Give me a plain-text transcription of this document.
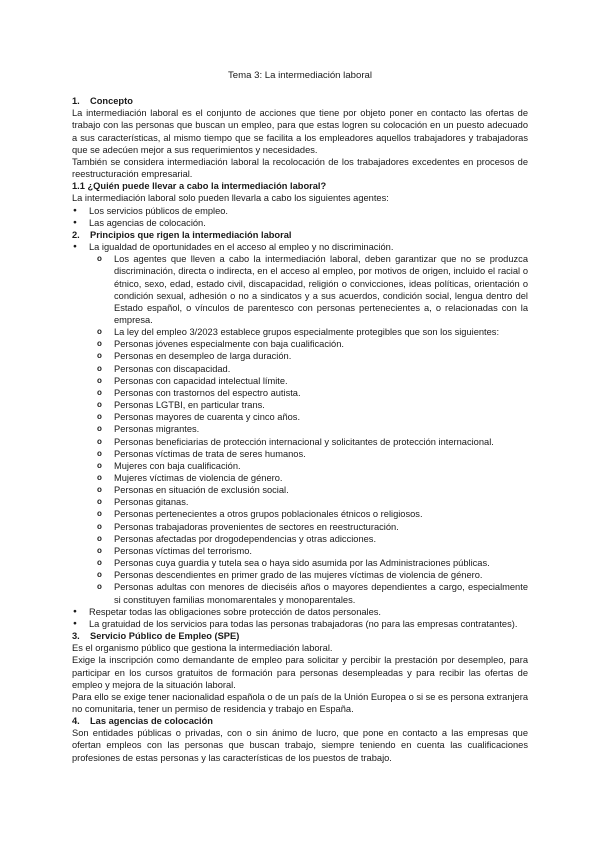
Tema 3: La intermediación laboral

1. Concepto

La intermediación laboral es el conjunto de acciones que tiene por objeto poner en contacto las ofertas de trabajo con las personas que buscan un empleo, para que estas logren su colocación en un puesto adecuado a sus características, al mismo tiempo que se facilita a los empleadores aquellos trabajadores y trabajadoras que se adecúen mejor a sus requerimientos y necesidades.

También se considera intermediación laboral la recolocación de los trabajadores excedentes en procesos de reestructuración empresarial.

1.1 ¿Quién puede llevar a cabo la intermediación laboral?

La intermediación laboral solo pueden llevarla a cabo los siguientes agentes:

● Los servicios públicos de empleo.
● Las agencias de colocación.

2. Principios que rigen la intermediación laboral

● La igualdad de oportunidades en el acceso al empleo y no discriminación.
o Los agentes que lleven a cabo la intermediación laboral, deben garantizar que no se produzca discriminación, directa o indirecta, en el acceso al empleo, por motivos de origen, incluido el racial o étnico, sexo, edad, estado civil, discapacidad, religión o convicciones, ideas políticas, orientación o condición sexual, adhesión o no a sindicatos y a sus acuerdos, condición social, lengua dentro del Estado español, o vínculos de parentesco con personas pertenecientes a, o relacionadas con la empresa.
o La ley del empleo 3/2023 establece grupos especialmente protegibles que son los siguientes:
o Personas jóvenes especialmente con baja cualificación.
o Personas en desempleo de larga duración.
o Personas con discapacidad.
o Personas con capacidad intelectual límite.
o Personas con trastornos del espectro autista.
o Personas LGTBI, en particular trans.
o Personas mayores de cuarenta y cinco años.
o Personas migrantes.
o Personas beneficiarias de protección internacional y solicitantes de protección internacional.
o Personas víctimas de trata de seres humanos.
o Mujeres con baja cualificación.
o Mujeres víctimas de violencia de género.
o Personas en situación de exclusión social.
o Personas gitanas.
o Personas pertenecientes a otros grupos poblacionales étnicos o religiosos.
o Personas trabajadoras provenientes de sectores en reestructuración.
o Personas afectadas por drogodependencias y otras adicciones.
o Personas víctimas del terrorismo.
o Personas cuya guardia y tutela sea o haya sido asumida por las Administraciones públicas.
o Personas descendientes en primer grado de las mujeres víctimas de violencia de género.
o Personas adultas con menores de dieciséis años o mayores dependientes a cargo, especialmente si constituyen familias monomarentales y monoparentales.
● Respetar todas las obligaciones sobre protección de datos personales.
● La gratuidad de los servicios para todas las personas trabajadoras (no para las empresas contratantes).

3. Servicio Público de Empleo (SPE)

Es el organismo público que gestiona la intermediación laboral.

Exige la inscripción como demandante de empleo para solicitar y percibir la prestación por desempleo, para participar en los cursos gratuitos de formación para personas desempleadas y para recibir las ofertas de empleo y mejora de la situación laboral.

Para ello se exige tener nacionalidad española o de un país de la Unión Europea o si se es persona extranjera no comunitaria, tener un permiso de residencia y trabajo en España.

4. Las agencias de colocación

Son entidades públicas o privadas, con o sin ánimo de lucro, que pone en contacto a las empresas que ofertan empleos con las personas que buscan trabajo, siempre teniendo en cuenta las cualificaciones profesiones de estas personas y las características de los puestos de trabajo.
